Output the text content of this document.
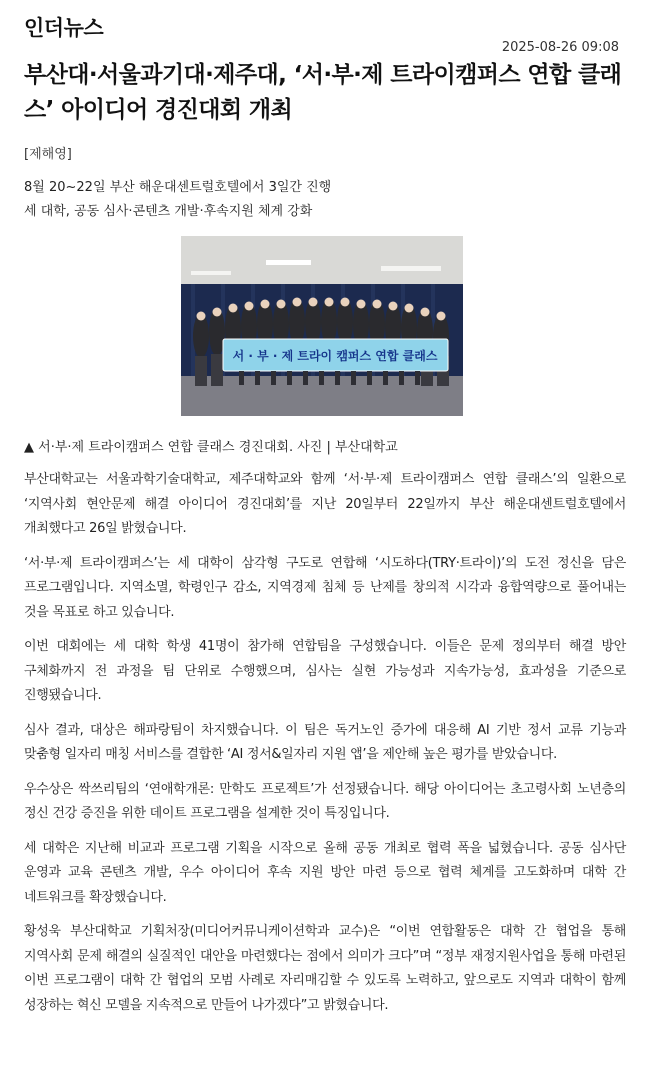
인더뉴스
2025-08-26 09:08
부산대·서울과기대·제주대, ‘서·부·제 트라이캠퍼스 연합 클래스’ 아이디어 경진대회 개최
[제해영]
8월 20~22일 부산 해운대센트럴호텔에서 3일간 진행
세 대학, 공동 심사·콘텐츠 개발·후속지원 체계 강화
서 · 부 · 제 트라이 캠퍼스 연합 클래스
▲ 서·부·제 트라이캠퍼스 연합 클래스 경진대회. 사진 | 부산대학교

부산대학교는 서울과학기술대학교, 제주대학교와 함께 ‘서·부·제 트라이캠퍼스 연합 클래스’의 일환으로 ‘지역사회 현안문제 해결 아이디어 경진대회’를 지난 20일부터 22일까지 부산 해운대센트럴호텔에서 개최했다고 26일 밝혔습니다.

‘서·부·제 트라이캠퍼스’는 세 대학이 삼각형 구도로 연합해 ‘시도하다(TRY·트라이)’의 도전 정신을 담은 프로그램입니다. 지역소멸, 학령인구 감소, 지역경제 침체 등 난제를 창의적 시각과 융합역량으로 풀어내는 것을 목표로 하고 있습니다.

이번 대회에는 세 대학 학생 41명이 참가해 연합팀을 구성했습니다. 이들은 문제 정의부터 해결 방안 구체화까지 전 과정을 팀 단위로 수행했으며, 심사는 실현 가능성과 지속가능성, 효과성을 기준으로 진행됐습니다.

심사 결과, 대상은 해파랑팀이 차지했습니다. 이 팀은 독거노인 증가에 대응해 AI 기반 정서 교류 기능과 맞춤형 일자리 매칭 서비스를 결합한 ‘AI 정서&일자리 지원 앱’을 제안해 높은 평가를 받았습니다.

우수상은 싹쓰리팀의 ‘연애학개론: 만학도 프로젝트’가 선정됐습니다. 해당 아이디어는 초고령사회 노년층의 정신 건강 증진을 위한 데이트 프로그램을 설계한 것이 특징입니다.

세 대학은 지난해 비교과 프로그램 기획을 시작으로 올해 공동 개최로 협력 폭을 넓혔습니다. 공동 심사단 운영과 교육 콘텐츠 개발, 우수 아이디어 후속 지원 방안 마련 등으로 협력 체계를 고도화하며 대학 간 네트워크를 확장했습니다.

황성욱 부산대학교 기획처장(미디어커뮤니케이션학과 교수)은 “이번 연합활동은 대학 간 협업을 통해 지역사회 문제 해결의 실질적인 대안을 마련했다는 점에서 의미가 크다”며 “정부 재정지원사업을 통해 마련된 이번 프로그램이 대학 간 협업의 모범 사례로 자리매김할 수 있도록 노력하고, 앞으로도 지역과 대학이 함께 성장하는 혁신 모델을 지속적으로 만들어 나가겠다”고 밝혔습니다.
